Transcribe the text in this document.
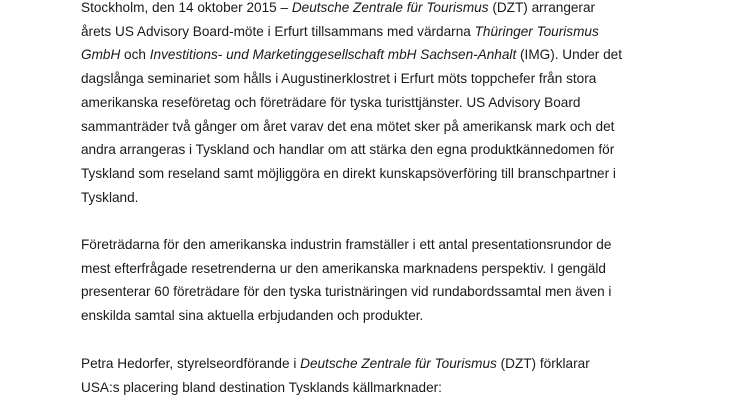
Stockholm, den 14 oktober 2015 – Deutsche Zentrale für Tourismus (DZT) arrangerar
årets US Advisory Board-möte i Erfurt tillsammans med värdarna Thüringer Tourismus
GmbH och Investitions- und Marketinggesellschaft mbH Sachsen-Anhalt (IMG). Under det
dagslånga seminariet som hålls i Augustinerklostret i Erfurt möts toppchefer från stora
amerikanska reseföretag och företrädare för tyska turisttjänster. US Advisory Board
sammanträder två gånger om året varav det ena mötet sker på amerikansk mark och det
andra arrangeras i Tyskland och handlar om att stärka den egna produktkännedomen för
Tyskland som reseland samt möjliggöra en direkt kunskapsöverföring till branschpartner i
Tyskland.

Företrädarna för den amerikanska industrin framställer i ett antal presentationsrundor de
mest efterfrågade resetrenderna ur den amerikanska marknadens perspektiv. I gengäld
presenterar 60 företrädare för den tyska turistnäringen vid rundabordssamtal men även i
enskilda samtal sina aktuella erbjudanden och produkter.

Petra Hedorfer, styrelseordförande i Deutsche Zentrale für Tourismus (DZT) förklarar
USA:s placering bland destination Tysklands källmarknader:
